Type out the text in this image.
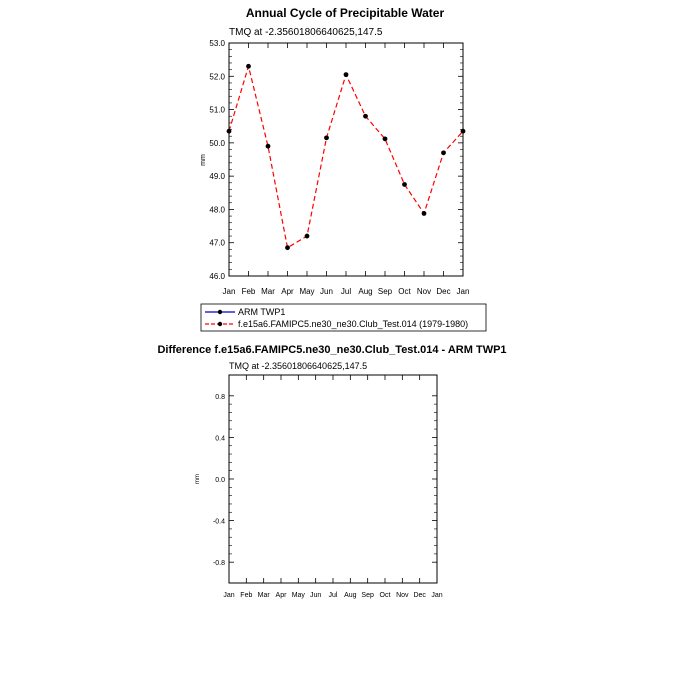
Annual Cycle of Precipitable Water
TMQ at -2.35601806640625,147.5
mm
46.0
47.0
48.0
49.0
50.0
51.0
52.0
53.0
Jan Feb Mar Apr May Jun Jul Aug Sep Oct Nov Dec Jan
ARM TWP1
f.e15a6.FAMIPC5.ne30_ne30.Club_Test.014 (1979-1980)
Difference f.e15a6.FAMIPC5.ne30_ne30.Club_Test.014 - ARM TWP1
TMQ at -2.35601806640625,147.5
mm
-0.8
-0.4
0.0
0.4
0.8
Jan Feb Mar Apr May Jun Jul Aug Sep Oct Nov Dec Jan
